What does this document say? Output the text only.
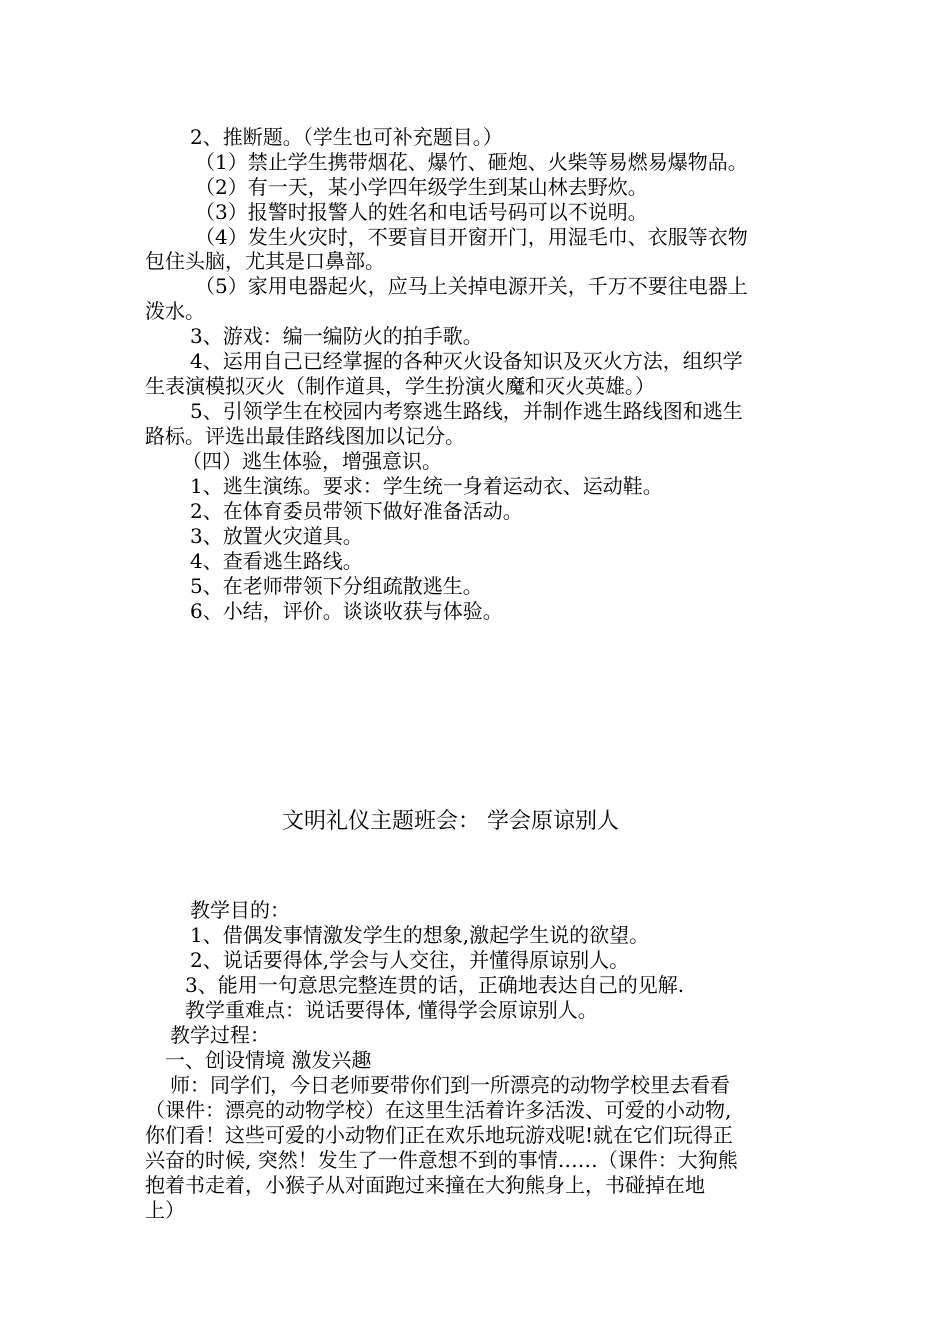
2、推断题。（学生也可补充题目。）
（1）禁止学生携带烟花、爆竹、砸炮、火柴等易燃易爆物品。
（2）有一天，某小学四年级学生到某山林去野炊。
（3）报警时报警人的姓名和电话号码可以不说明。
（4）发生火灾时，不要盲目开窗开门，用湿毛巾、衣服等衣物
包住头脑，尤其是口鼻部。
（5）家用电器起火，应马上关掉电源开关，千万不要往电器上
泼水。
3、游戏：编一编防火的拍手歌。
4、运用自己已经掌握的各种灭火设备知识及灭火方法，组织学
生表演模拟灭火（制作道具，学生扮演火魔和灭火英雄。）
5、引领学生在校园内考察逃生路线，并制作逃生路线图和逃生
路标。评选出最佳路线图加以记分。
（四）逃生体验，增强意识。
1、逃生演练。要求：学生统一身着运动衣、运动鞋。
2、在体育委员带领下做好准备活动。
3、放置火灾道具。
4、查看逃生路线。
5、在老师带领下分组疏散逃生。
6、小结，评价。谈谈收获与体验。
文明礼仪主题班会： 学会原谅别人
教学目的：
1、借偶发事情激发学生的想象,激起学生说的欲望。
2、说话要得体,学会与人交往，并懂得原谅别人。
3、能用一句意思完整连贯的话，正确地表达自己的见解.
教学重难点：说话要得体, 懂得学会原谅别人。
教学过程：
一、创设情境 激发兴趣
师：同学们，今日老师要带你们到一所漂亮的动物学校里去看看
（课件：漂亮的动物学校）在这里生活着许多活泼、可爱的小动物,
你们看！这些可爱的小动物们正在欢乐地玩游戏呢!就在它们玩得正
兴奋的时候, 突然！发生了一件意想不到的事情……（课件：大狗熊
抱着书走着，小猴子从对面跑过来撞在大狗熊身上，书碰掉在地
上）
